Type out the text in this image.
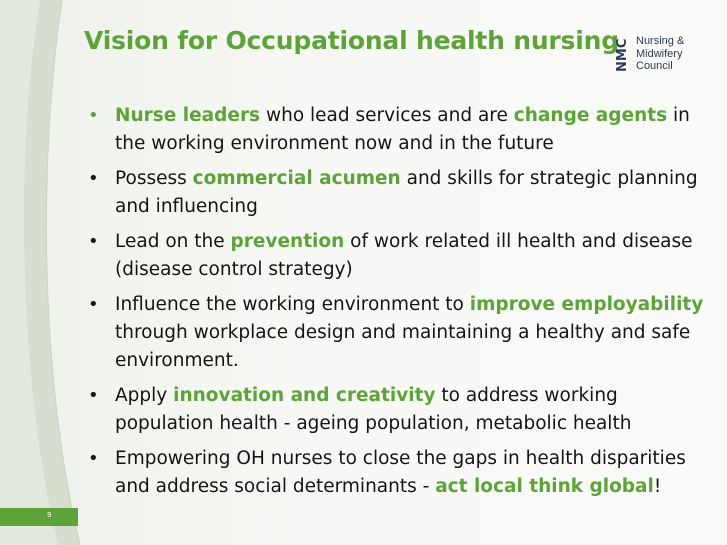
Vision for Occupational health nursing
NMC Nursing &
Midwifery
Council
• Nurse leaders who lead services and are change agents in the working environment now and in the future
• Possess commercial acumen and skills for strategic planning and influencing
• Lead on the prevention of work related ill health and disease (disease control strategy)
• Influence the working environment to improve employability through workplace design and maintaining a healthy and safe environment.
• Apply innovation and creativity to address working population health - ageing population, metabolic health
• Empowering OH nurses to close the gaps in health disparities and address social determinants - act local think global!
9
